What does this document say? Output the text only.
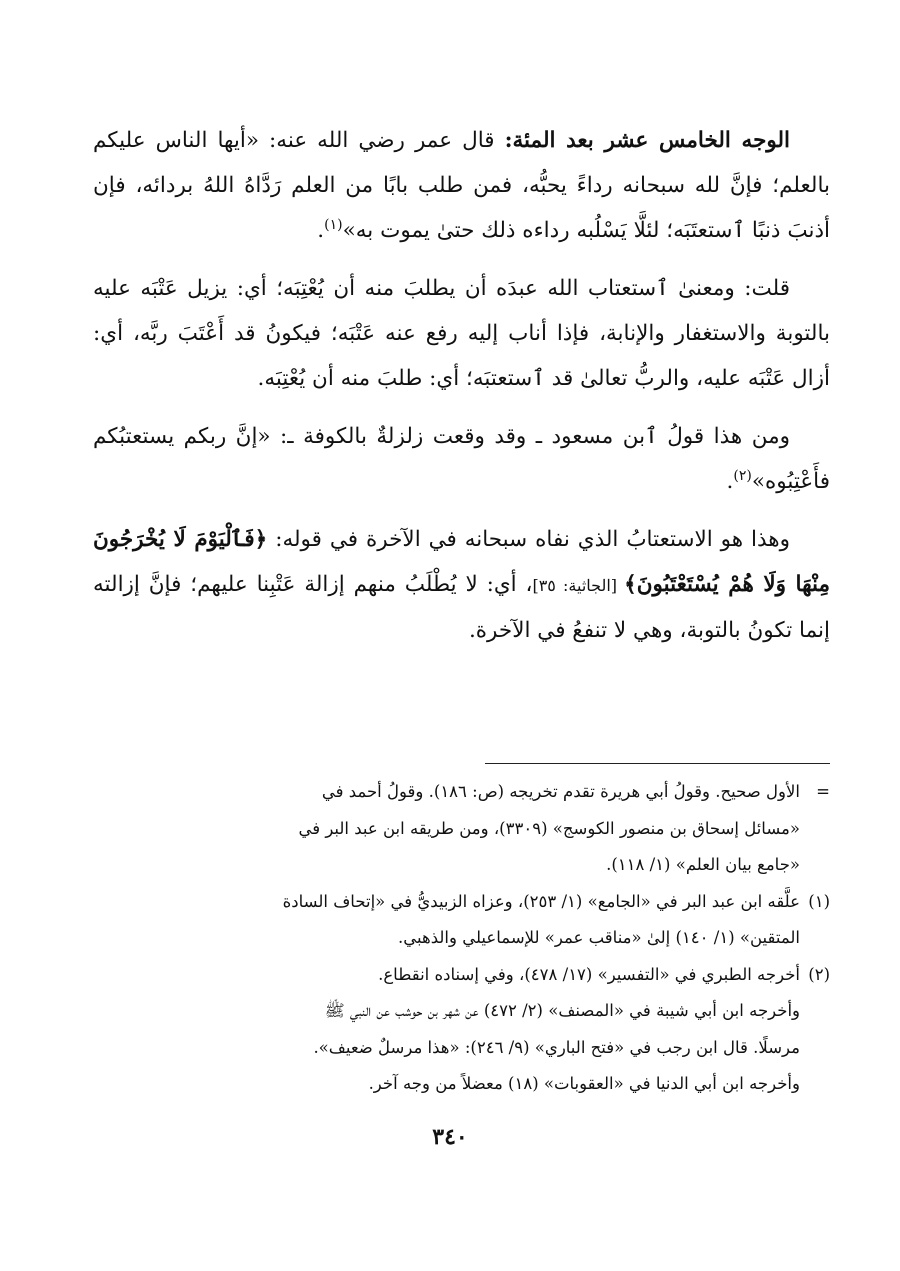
الوجه الخامس عشر بعد المئة: قال عمر رضي الله عنه: «أيها الناس عليكم بالعلم؛ فإنَّ لله سبحانه رداءً يحبُّه، فمن طلب بابًا من العلم رَدَّاهُ اللهُ بردائه، فإن أذنبَ ذنبًا ٱستعتَبَه؛ لئلَّا يَسْلُبه رداءه ذلك حتىٰ يموت به»$^{(١)}$.

قلت: ومعنىٰ ٱستعتاب الله عبدَه أن يطلبَ منه أن يُعْتِبَه؛ أي: يزيل عَتْبَه عليه بالتوبة والاستغفار والإنابة، فإذا أناب إليه رفع عنه عَتْبَه؛ فيكونُ قد أَعْتَبَ ربَّه، أي: أزال عَتْبَه عليه، والربُّ تعالىٰ قد ٱستعتبَه؛ أي: طلبَ منه أن يُعْتِبَه.

ومن هذا قولُ ٱبن مسعود ـ وقد وقعت زلزلةٌ بالكوفة ـ: «إنَّ ربكم يستعتبُكم فأَعْتِبُوه»$^{(٢)}$.

وهذا هو الاستعتابُ الذي نفاه سبحانه في الآخرة في قوله: ﴿فَٱلْيَوْمَ لَا يُخْرَجُونَ مِنْهَا وَلَا هُمْ يُسْتَعْتَبُونَ﴾ [الجاثية: ٣٥]، أي: لا يُطْلَبُ منهم إزالة عَتْبِنا عليهم؛ فإنَّ إزالته إنما تكونُ بالتوبة، وهي لا تنفعُ في الآخرة.

=
الأول صحيح. وقولُ أبي هريرة تقدم تخريجه (ص: ١٨٦). وقولُ أحمد في
«مسائل إسحاق بن منصور الكوسج» (٣٣٠٩)، ومن طريقه ابن عبد البر في
«جامع بيان العلم» (١/ ١١٨).
(١)
علَّقه ابن عبد البر في «الجامع» (١/ ٢٥٣)، وعزاه الزبيديُّ في «إتحاف السادة
المتقين» (١/ ١٤٠) إلىٰ «مناقب عمر» للإسماعيلي والذهبي.
(٢)
أخرجه الطبري في «التفسير» (١٧/ ٤٧٨)، وفي إسناده انقطاع.
وأخرجه ابن أبي شيبة في «المصنف» (٢/ ٤٧٢) عن شهر بن حوشب عن النبي ﷺ
مرسلًا. قال ابن رجب في «فتح الباري» (٩/ ٢٤٦): «هذا مرسلٌ ضعيف».
وأخرجه ابن أبي الدنيا في «العقوبات» (١٨) معضلاً من وجه آخر.
٣٤٠
